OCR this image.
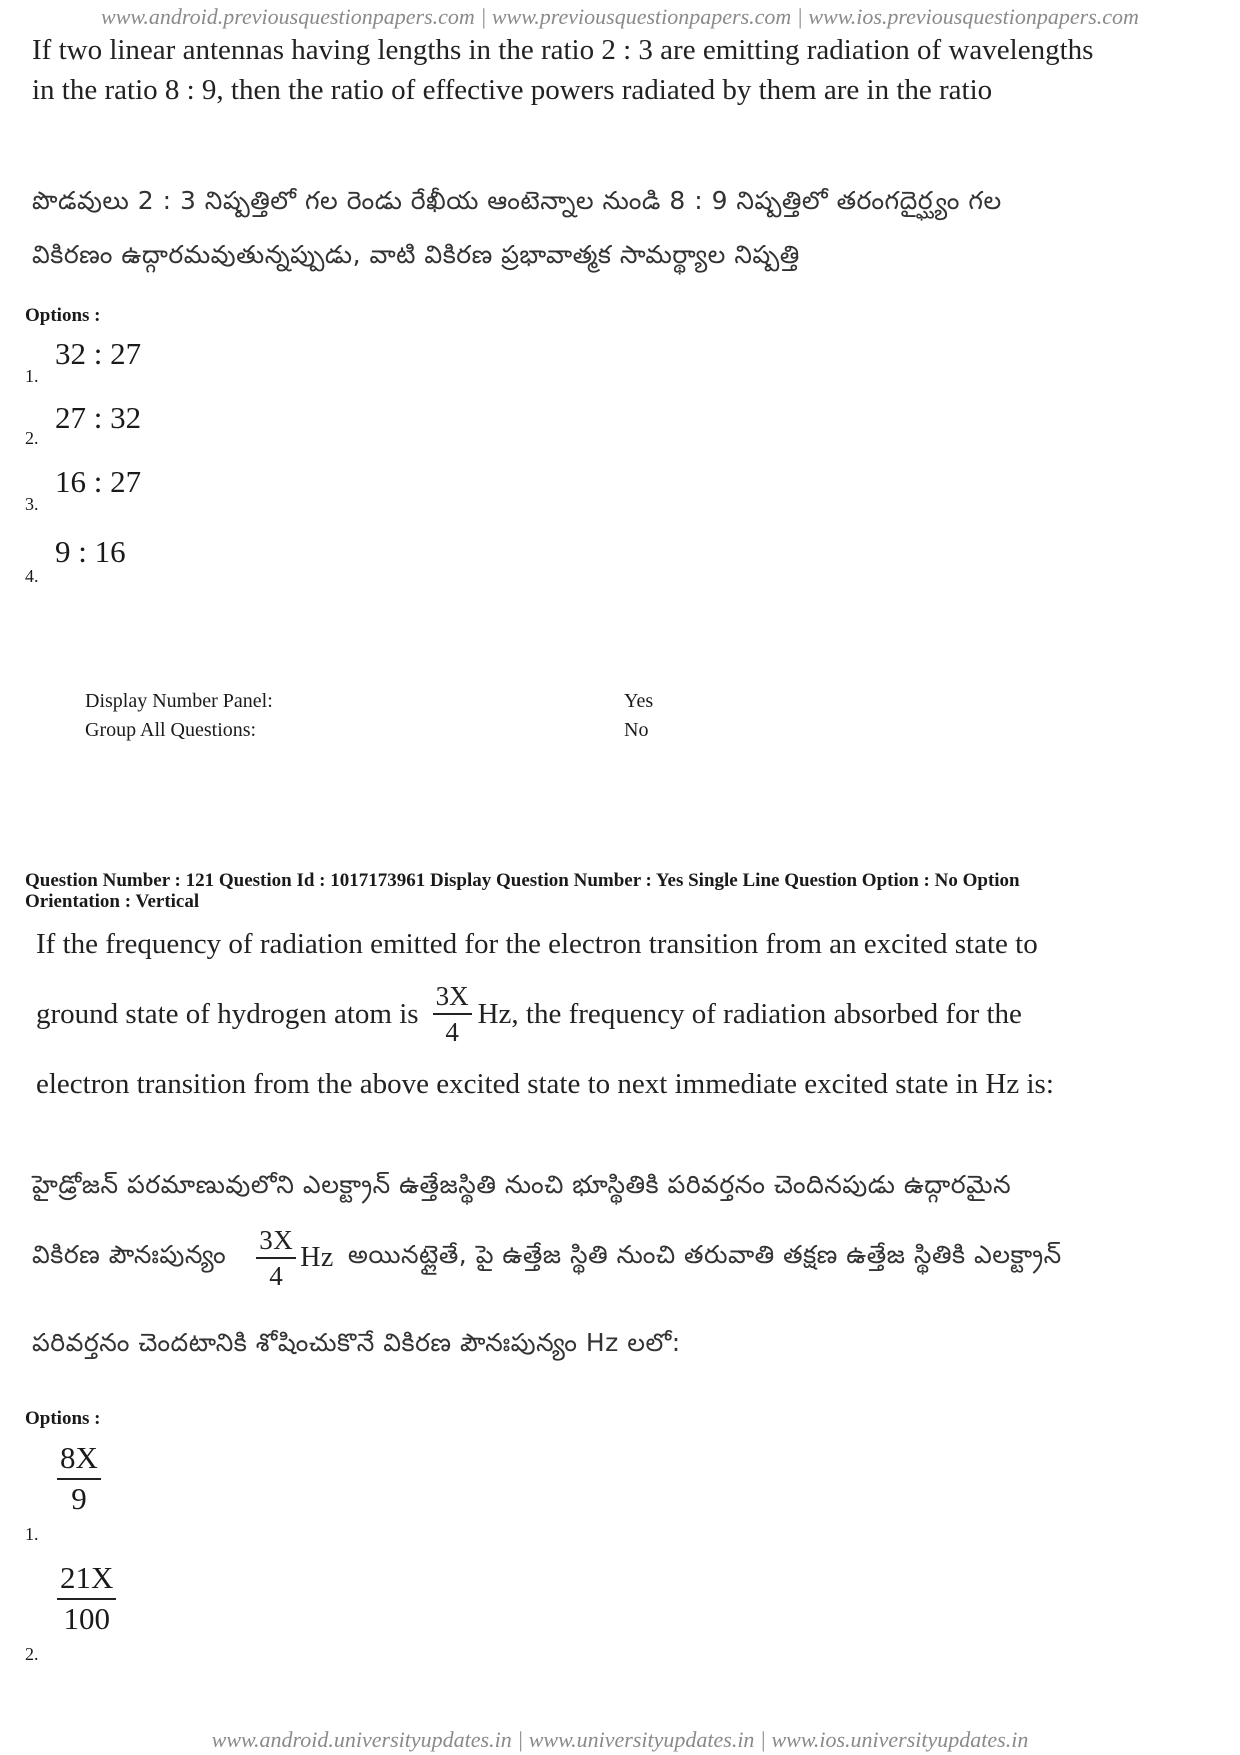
www.android.previousquestionpapers.com | www.previousquestionpapers.com | www.ios.previousquestionpapers.com
If two linear antennas having lengths in the ratio 2 : 3 are emitting radiation of wavelengths
in the ratio 8 : 9, then the ratio of effective powers radiated by them are in the ratio
పొడవులు 2 : 3 నిష్పత్తిలో గల రెండు రేఖీయ ఆంటెన్నాల నుండి 8 : 9 నిష్పత్తిలో తరంగదైర్ఘ్యం గల
వికిరణం ఉద్గారమవుతున్నప్పుడు, వాటి వికిరణ ప్రభావాత్మక సామర్థ్యాల నిష్పత్తి
Options :
1.
32 : 27
2.
27 : 32
3.
16 : 27
4.
9 : 16
Display Number Panel:	Yes
Group All Questions:	No
Question Number : 121 Question Id : 1017173961 Display Question Number : Yes Single Line Question Option : No Option
Orientation : Vertical
If the frequency of radiation emitted for the electron transition from an excited state to
ground state of hydrogen atom is $\frac{3X}{4}$ Hz , the frequency of radiation absorbed for the
electron transition from the above excited state to next immediate excited state in Hz is:
హైడ్రోజన్ పరమాణువులోని ఎలక్ట్రాన్ ఉత్తేజస్థితి నుంచి భూస్థితికి పరివర్తనం చెందినపుడు ఉద్గారమైన
వికిరణ పౌనఃపున్యం $\frac{3X}{4}$ Hz అయినట్లైతే, పై ఉత్తేజ స్థితి నుంచి తరువాతి తక్షణ ఉత్తేజ స్థితికి ఎలక్ట్రాన్
పరివర్తనం చెందటానికి శోషించుకొనే వికిరణ పౌనఃపున్యం Hz లలో:
Options :
1.
$\frac{8X}{9}$
2.
$\frac{21X}{100}$
www.android.universityupdates.in | www.universityupdates.in | www.ios.universityupdates.in
